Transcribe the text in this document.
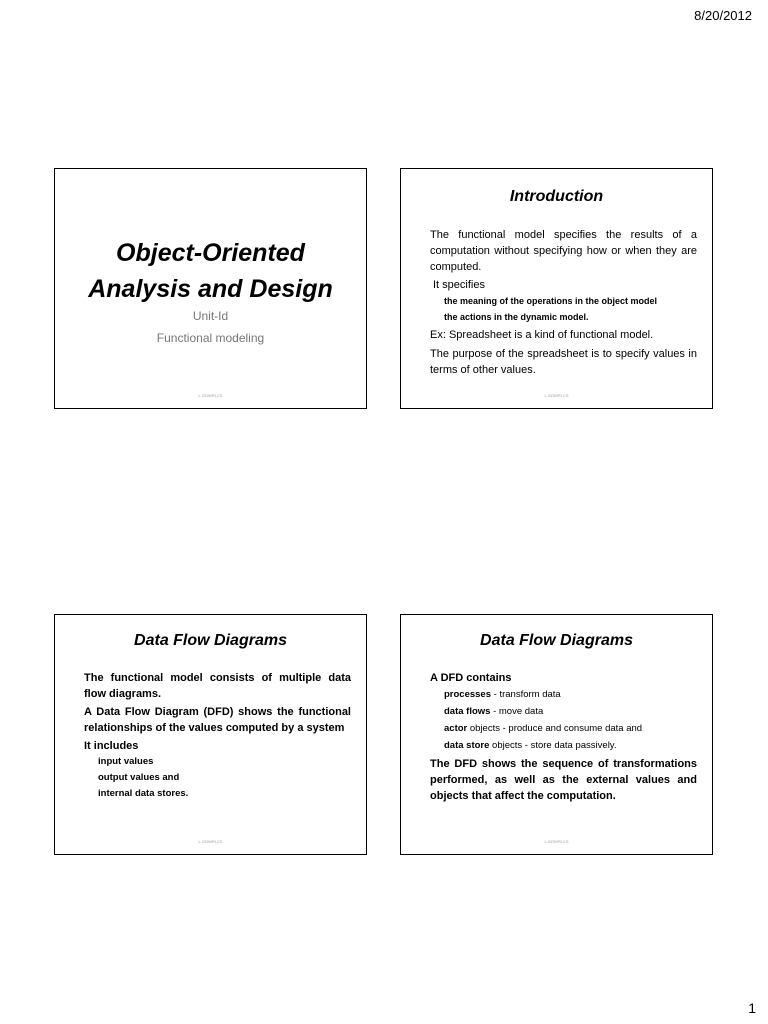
8/20/2012
Object-Oriented
Analysis and Design
Unit-Id
Functional modeling
L.GOWRI,CS
Introduction

The functional model specifies the results of a computation without specifying how or when they are computed.

It specifies

the meaning of the operations in the object model

the actions in the dynamic model.

Ex: Spreadsheet is a kind of functional model.

The purpose of the spreadsheet is to specify values in terms of other values.

L.GOWRI,CS
Data Flow Diagrams

The functional model consists of multiple data flow diagrams.

A Data Flow Diagram (DFD) shows the functional relationships of the values computed by a system

It includes

input values

output values and

internal data stores.

L.GOWRI,CS
Data Flow Diagrams

A DFD contains

processes - transform data

data flows - move data

actor objects - produce and consume data and

data store objects - store data passively.

The DFD shows the sequence of transformations performed, as well as the external values and objects that affect the computation.

L.GOWRI,CS
1
